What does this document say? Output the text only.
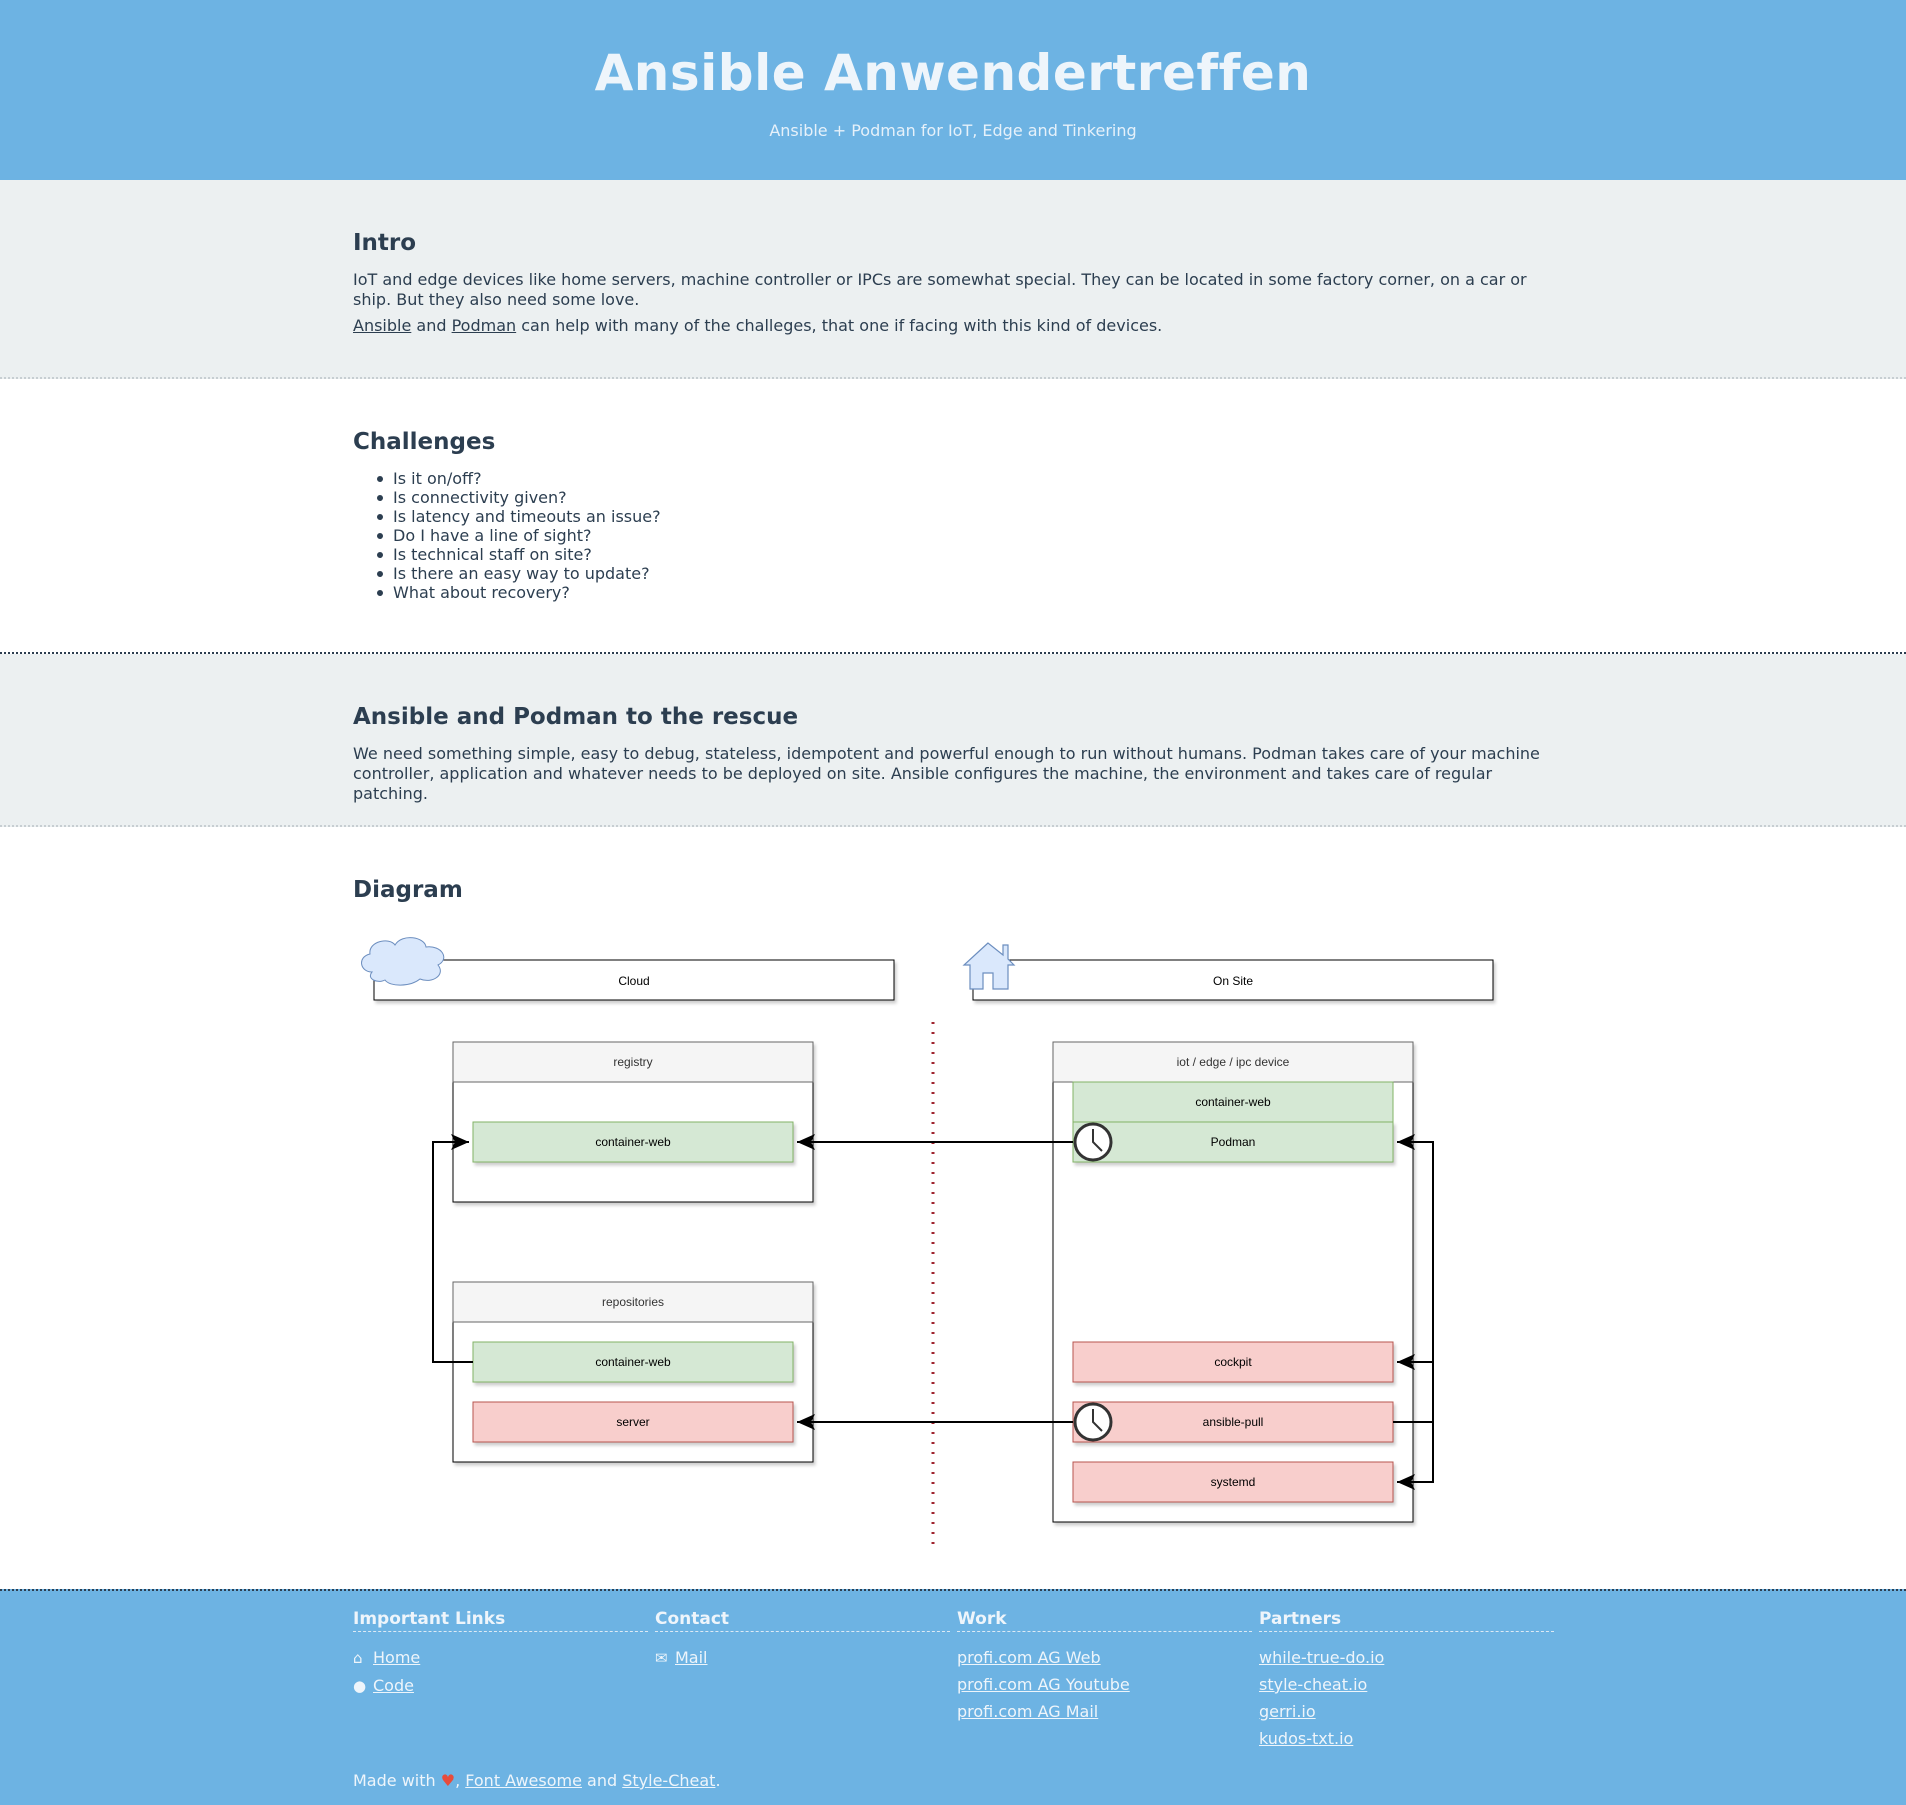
Ansible Anwendertreffen

Ansible + Podman for IoT, Edge and Tinkering

Intro

IoT and edge devices like home servers, machine controller or IPCs are somewhat special. They can be located in some factory corner, on a car or ship. But they also need some love.

Ansible and Podman can help with many of the challeges, that one if facing with this kind of devices.

Challenges
Is it on/off?
Is connectivity given?
Is latency and timeouts an issue?
Do I have a line of sight?
Is technical staff on site?
Is there an easy way to update?
What about recovery?
Ansible and Podman to the rescue

We need something simple, easy to debug, stateless, idempotent and powerful enough to run without humans. Podman takes care of your machine controller, application and whatever needs to be deployed on site. Ansible configures the machine, the environment and takes care of regular patching.

Diagram
Cloud	On Site
registry
container-web
repositories
container-web
server
iot / edge / ipc device
container-web
Podman
cockpit
ansible-pull
systemd
Important Links
⌂ Home
● Code
Contact
✉ Mail
Work
profi.com AG Web
profi.com AG Youtube
profi.com AG Mail
Partners
while-true-do.io
style-cheat.io
gerri.io
kudos-txt.io
Made with ♥, Font Awesome and Style-Cheat.
